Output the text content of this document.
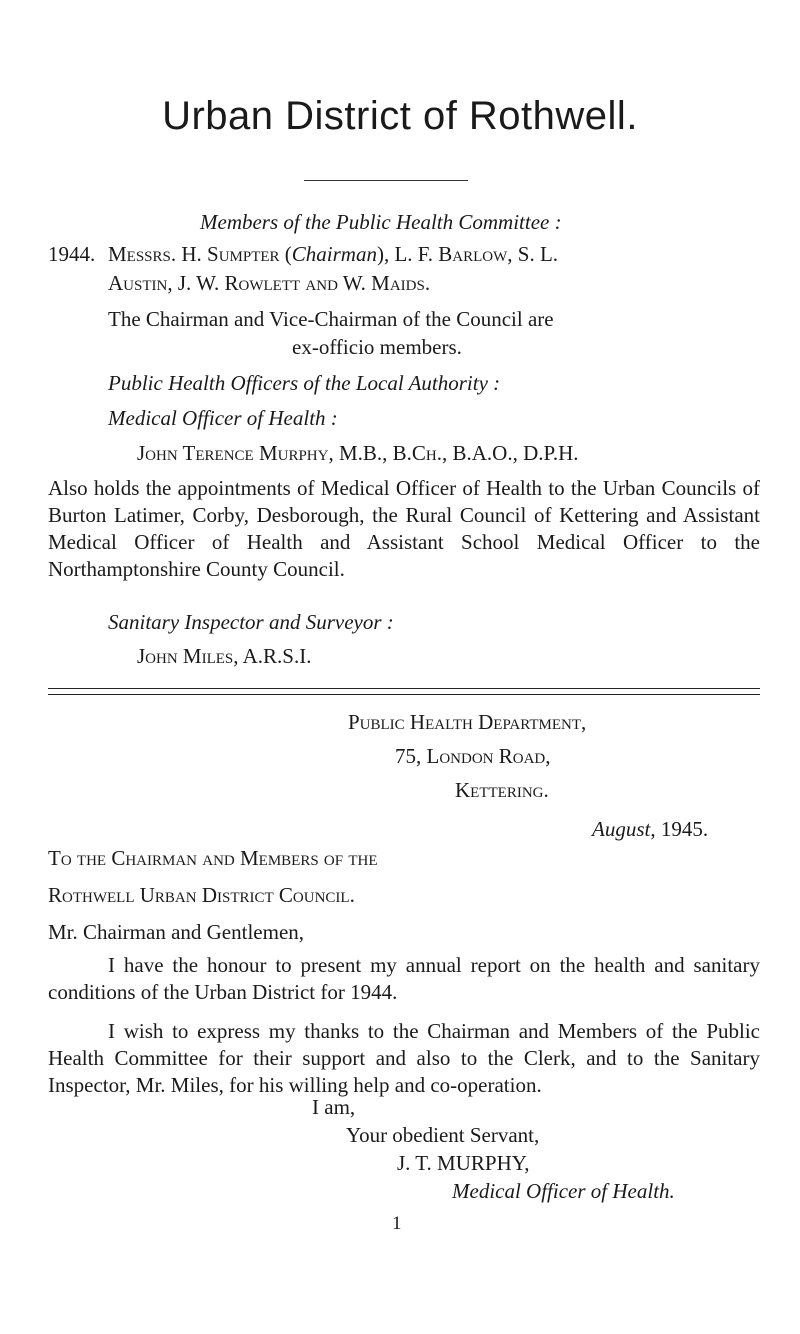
Urban District of Rothwell.
Members of the Public Health Committee :
1944. Messrs. H. Sumpter (Chairman), L. F. Barlow, S. L.
Austin, J. W. Rowlett and W. Maids.
The Chairman and Vice-Chairman of the Council are
ex-officio members.
Public Health Officers of the Local Authority :
Medical Officer of Health :
John Terence Murphy, M.B., B.Ch., B.A.O., D.P.H.
Also holds the appointments of Medical Officer of Health to the Urban Councils of Burton Latimer, Corby, Desborough, the Rural Council of Kettering and Assistant Medical Officer of Health and Assistant School Medical Officer to the Northamptonshire County Council.
Sanitary Inspector and Surveyor :
John Miles, A.R.S.I.
Public Health Department,
75, London Road,
Kettering.
August, 1945.
To the Chairman and Members of the
Rothwell Urban District Council.
Mr. Chairman and Gentlemen,
I have the honour to present my annual report on the health and sanitary conditions of the Urban District for 1944.
I wish to express my thanks to the Chairman and Members of the Public Health Committee for their support and also to the Clerk, and to the Sanitary Inspector, Mr. Miles, for his willing help and co-operation.
I am,
Your obedient Servant,
J. T. MURPHY,
Medical Officer of Health.
1
